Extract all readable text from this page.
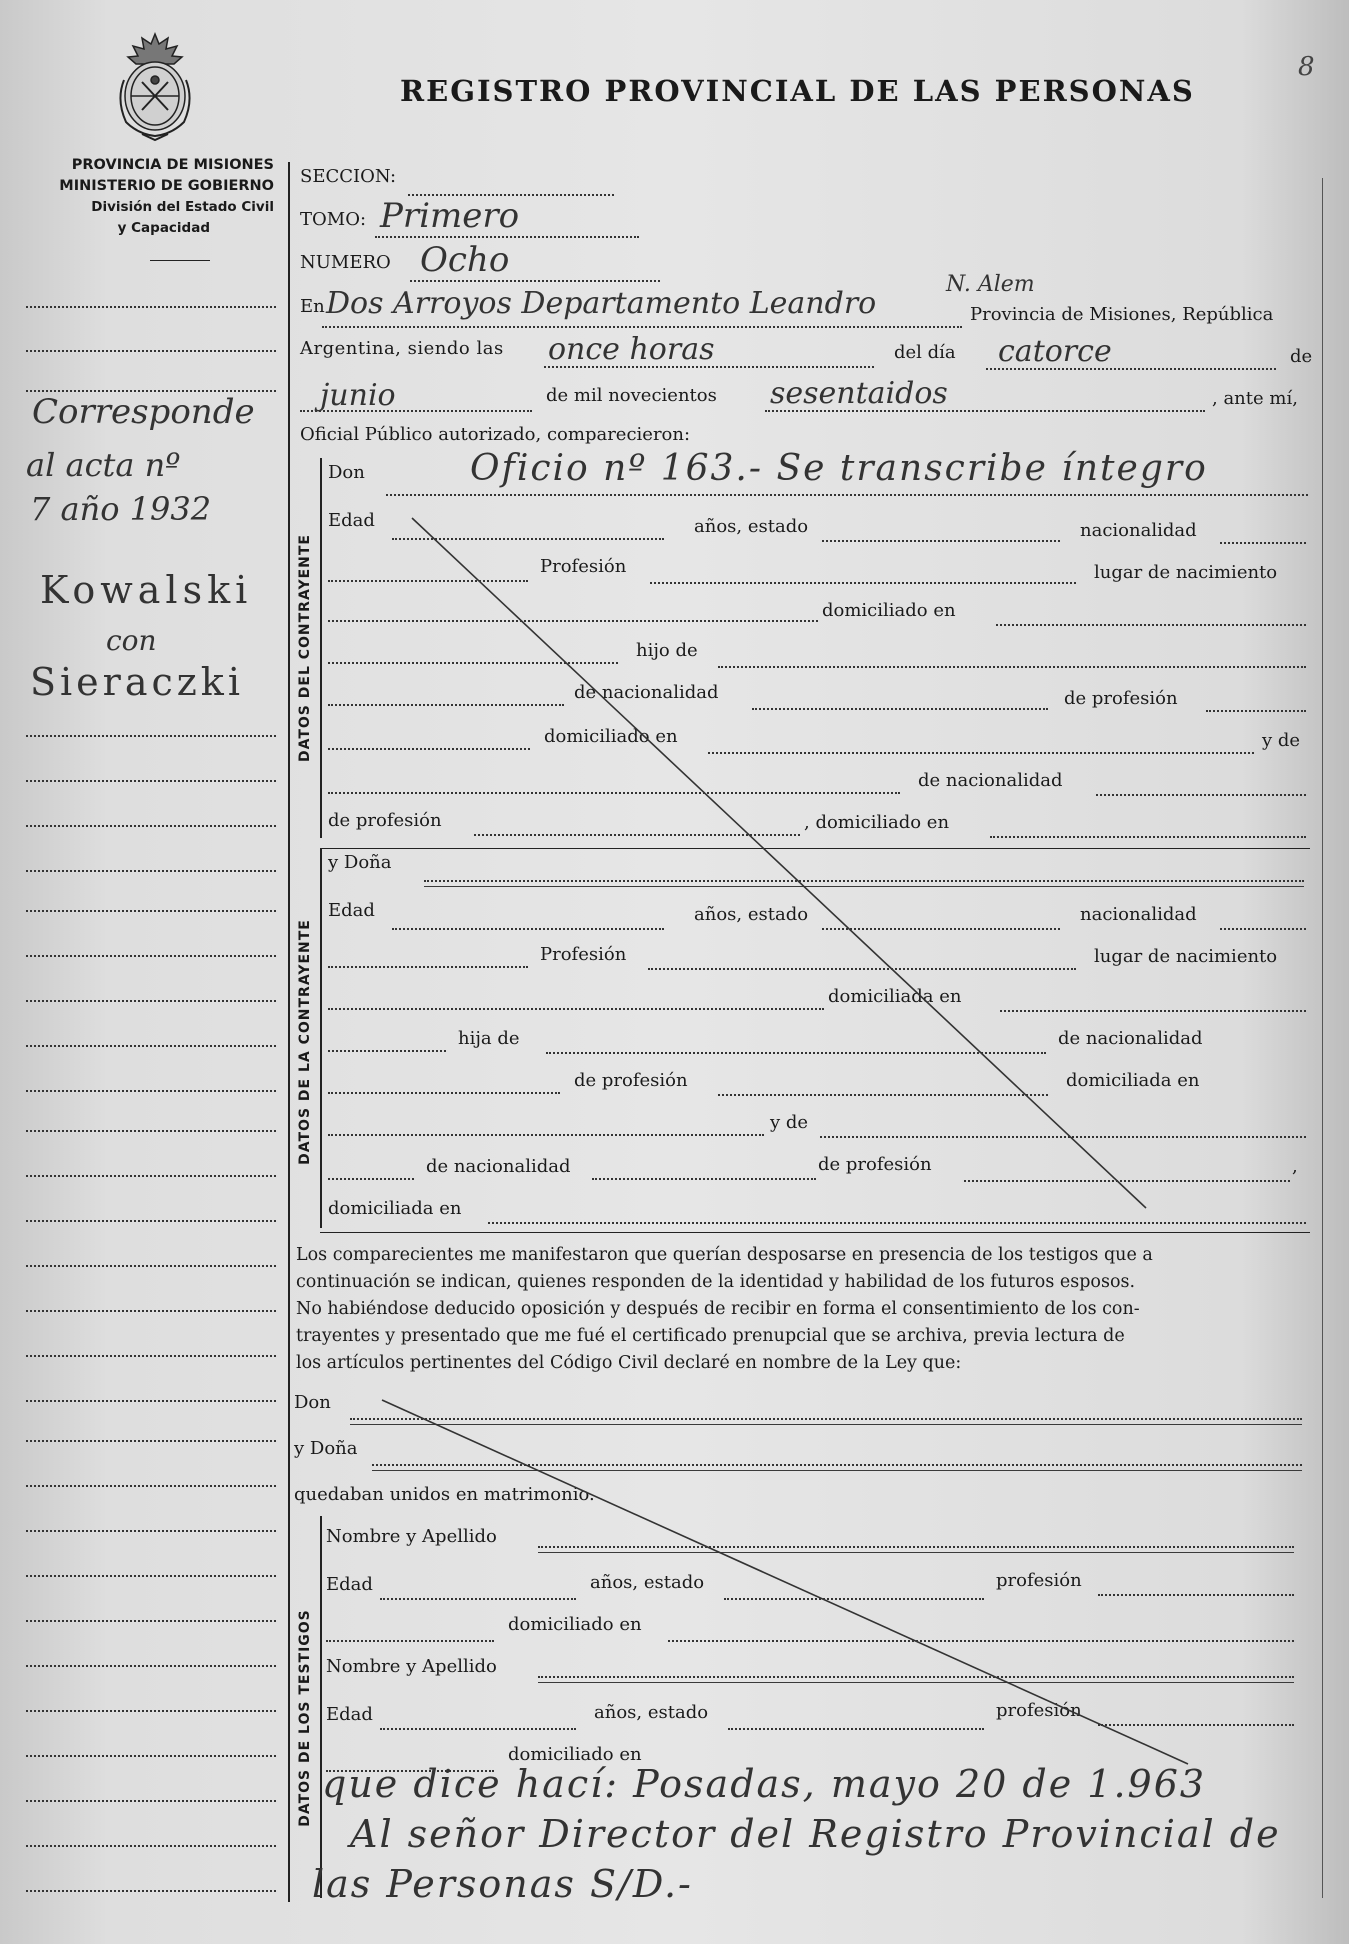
REGISTRO PROVINCIAL DE LAS PERSONAS
8
PROVINCIA DE MISIONES
MINISTERIO DE GOBIERNO
División del Estado Civil
y Capacidad
Corresponde
al acta nº
7 año 1932
Kowalski
con
Sieraczki
SECCION:
TOMO: Primero
NUMERO Ocho
En Dos Arroyos Departamento Leandro
N. Alem
Provincia de Misiones, República
Argentina, siendo las once horas	del día catorce	de
junio	de mil novecientos sesentaidos	, ante mí,
Oficial Público autorizado, comparecieron:
DATOS DEL CONTRAYENTE
Don	Oficio nº 163.- Se transcribe íntegro
Edad	años, estado	nacionalidad
Profesión	lugar de nacimiento
domiciliado en
hijo de
de nacionalidad	de profesión
domiciliado en	y de
de nacionalidad
de profesión	, domiciliado en
DATOS DE LA CONTRAYENTE
y Doña
Edad	años, estado	nacionalidad
Profesión	lugar de nacimiento
domiciliada en
hija de	de nacionalidad
de profesión	domiciliada en
y de
de nacionalidad	de profesión	,
domiciliada en
Los comparecientes me manifestaron que querían desposarse en presencia de los testigos que a
continuación se indican, quienes responden de la identidad y habilidad de los futuros esposos.
No habiéndose deducido oposición y después de recibir en forma el consentimiento de los con-
trayentes y presentado que me fué el certificado prenupcial que se archiva, previa lectura de
los artículos pertinentes del Código Civil declaré en nombre de la Ley que:
Don
y Doña
quedaban unidos en matrimonio.
DATOS DE LOS TESTIGOS
Nombre y Apellido
Edad	años, estado	profesión
domiciliado en
Nombre y Apellido
Edad	años, estado	profesión
domiciliado en
que dice hací: Posadas, mayo 20 de 1.963
Al señor Director del Registro Provincial de
las Personas S/D.-
